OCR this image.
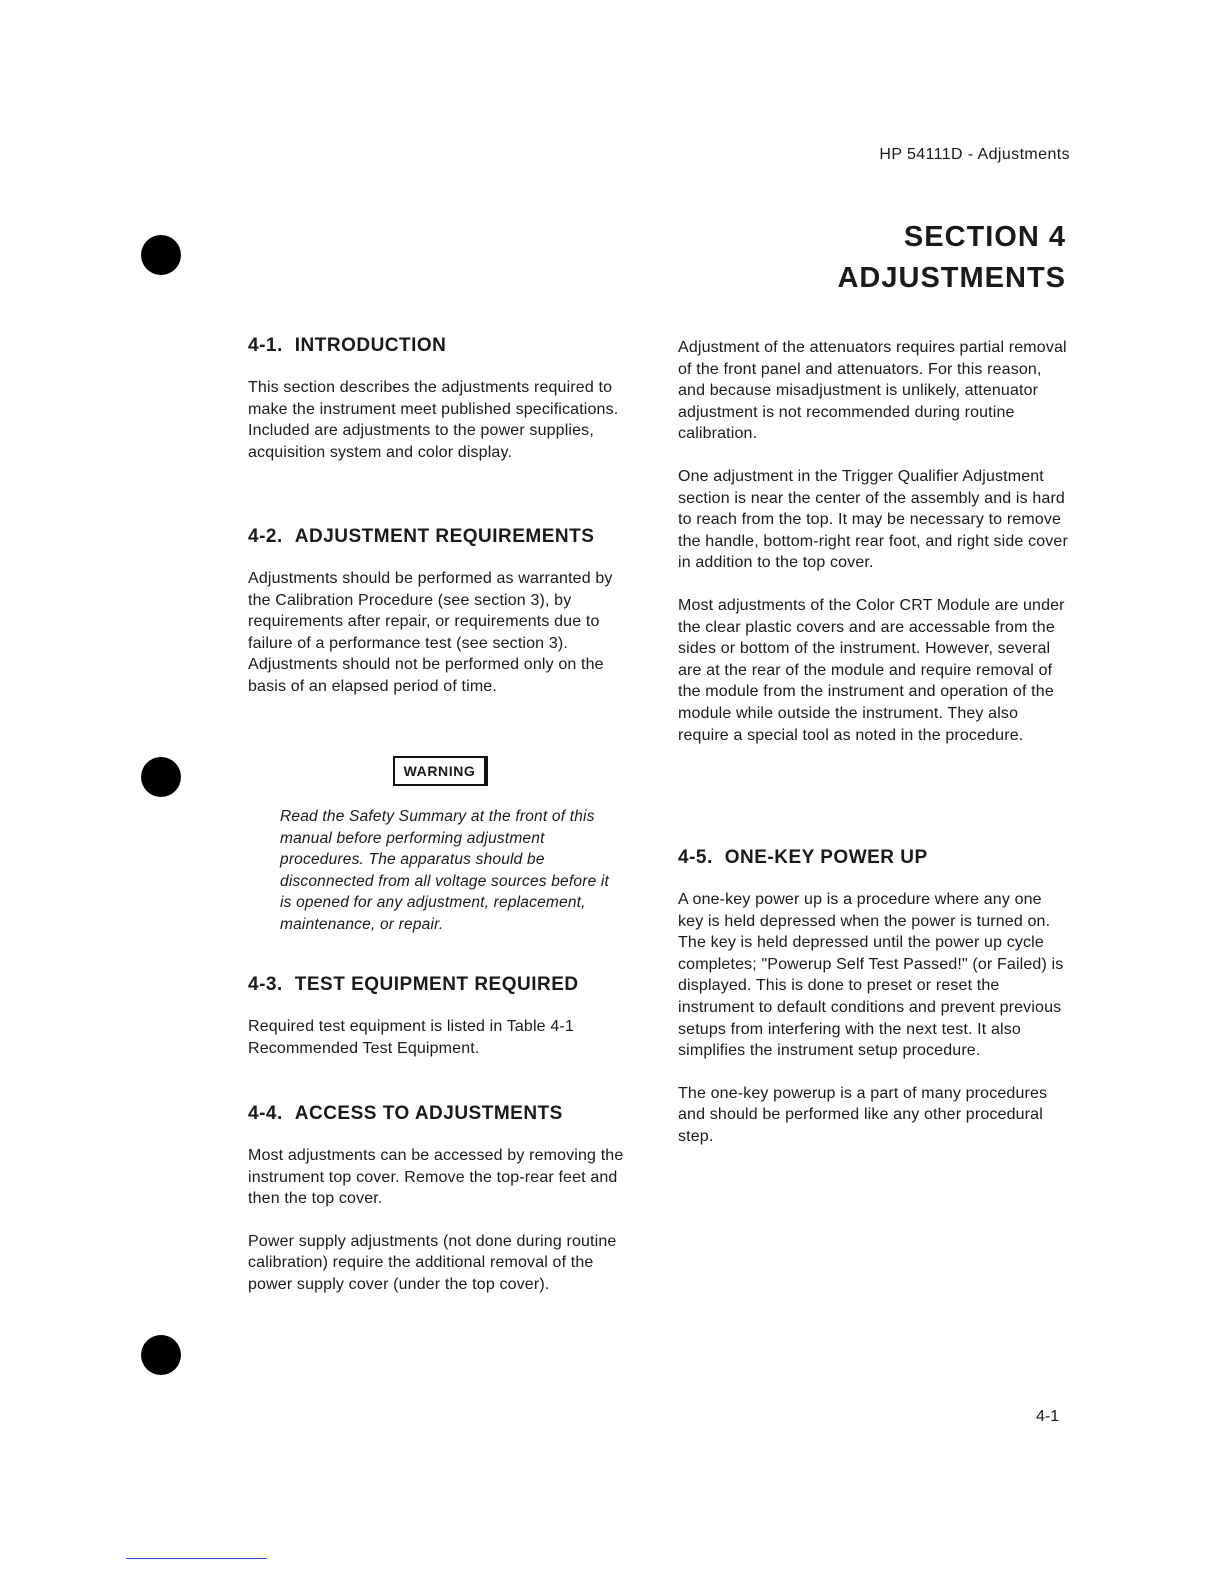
HP 54111D - Adjustments
SECTION 4
ADJUSTMENTS
4-1. INTRODUCTION

This section describes the adjustments required to make the instrument meet published specifications. Included are adjustments to the power supplies, acquisition system and color display.

4-2. ADJUSTMENT REQUIREMENTS

Adjustments should be performed as warranted by the Calibration Procedure (see section 3), by requirements after repair, or requirements due to failure of a performance test (see section 3). Adjustments should not be performed only on the basis of an elapsed period of time.

WARNING
Read the Safety Summary at the front of this manual before performing adjustment procedures. The apparatus should be disconnected from all voltage sources before it is opened for any adjustment, replacement, maintenance, or repair.
4-3. TEST EQUIPMENT REQUIRED

Required test equipment is listed in Table 4-1 Recommended Test Equipment.

4-4. ACCESS TO ADJUSTMENTS

Most adjustments can be accessed by removing the instrument top cover. Remove the top-rear feet and then the top cover.

Power supply adjustments (not done during routine calibration) require the additional removal of the power supply cover (under the top cover).

Adjustment of the attenuators requires partial removal of the front panel and attenuators. For this reason, and because misadjustment is unlikely, attenuator adjustment is not recommended during routine calibration.

One adjustment in the Trigger Qualifier Adjustment section is near the center of the assembly and is hard to reach from the top. It may be necessary to remove the handle, bottom-right rear foot, and right side cover in addition to the top cover.

Most adjustments of the Color CRT Module are under the clear plastic covers and are accessable from the sides or bottom of the instrument. However, several are at the rear of the module and require removal of the module from the instrument and operation of the module while outside the instrument. They also require a special tool as noted in the procedure.

4-5. ONE-KEY POWER UP

A one-key power up is a procedure where any one key is held depressed when the power is turned on. The key is held depressed until the power up cycle completes; "Powerup Self Test Passed!" (or Failed) is displayed. This is done to preset or reset the instrument to default conditions and prevent previous setups from interfering with the next test. It also simplifies the instrument setup procedure.

The one-key powerup is a part of many procedures and should be performed like any other procedural step.

4-1
